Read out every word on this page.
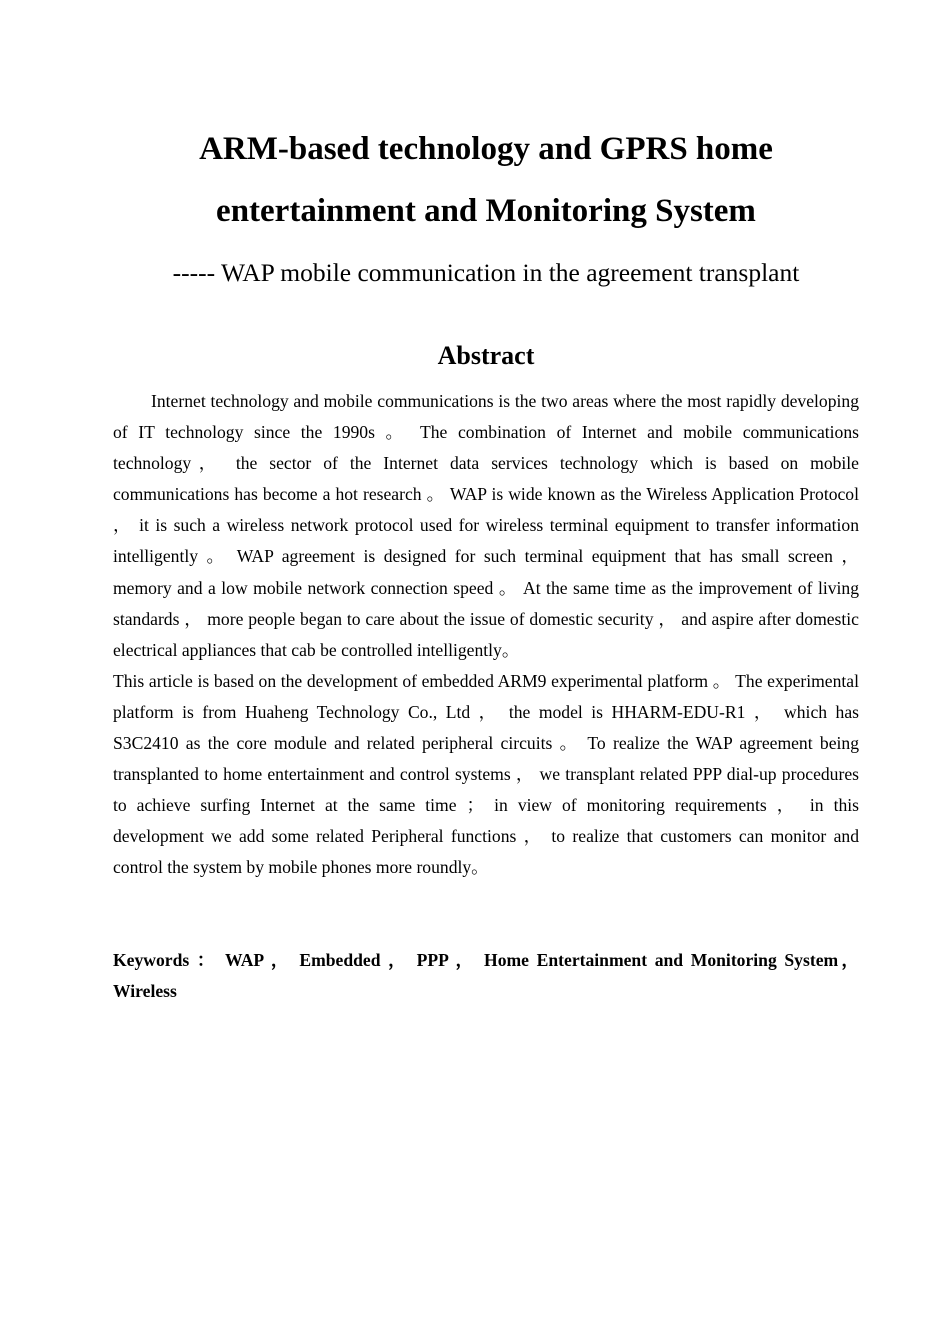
ARM-based technology and GPRS home
entertainment and Monitoring System

----- WAP mobile communication in the agreement transplant

Abstract

Internet technology and mobile communications is the two areas where the most rapidly developing of IT technology since the 1990s 。 The combination of Internet and mobile communications technology， the sector of the Internet data services technology which is based on mobile communications has become a hot research 。 WAP is wide known as the Wireless Application Protocol ， it is such a wireless network protocol used for wireless terminal equipment to transfer information intelligently 。 WAP agreement is designed for such terminal equipment that has small screen ， memory and a low mobile network connection speed 。 At the same time as the improvement of living standards ， more people began to care about the issue of domestic security ， and aspire after domestic electrical appliances that cab be controlled intelligently。

This article is based on the development of embedded ARM9 experimental platform 。 The experimental platform is from Huaheng Technology Co., Ltd ， the model is HHARM-EDU-R1 ， which has S3C2410 as the core module and related peripheral circuits 。 To realize the WAP agreement being transplanted to home entertainment and control systems ， we transplant related PPP dial-up procedures to achieve surfing Internet at the same time ； in view of monitoring requirements ， in this development we add some related Peripheral functions ， to realize that customers can monitor and control the system by mobile phones more roundly。

Keywords ： WAP ， Embedded ， PPP ， Home Entertainment and Monitoring System，Wireless
